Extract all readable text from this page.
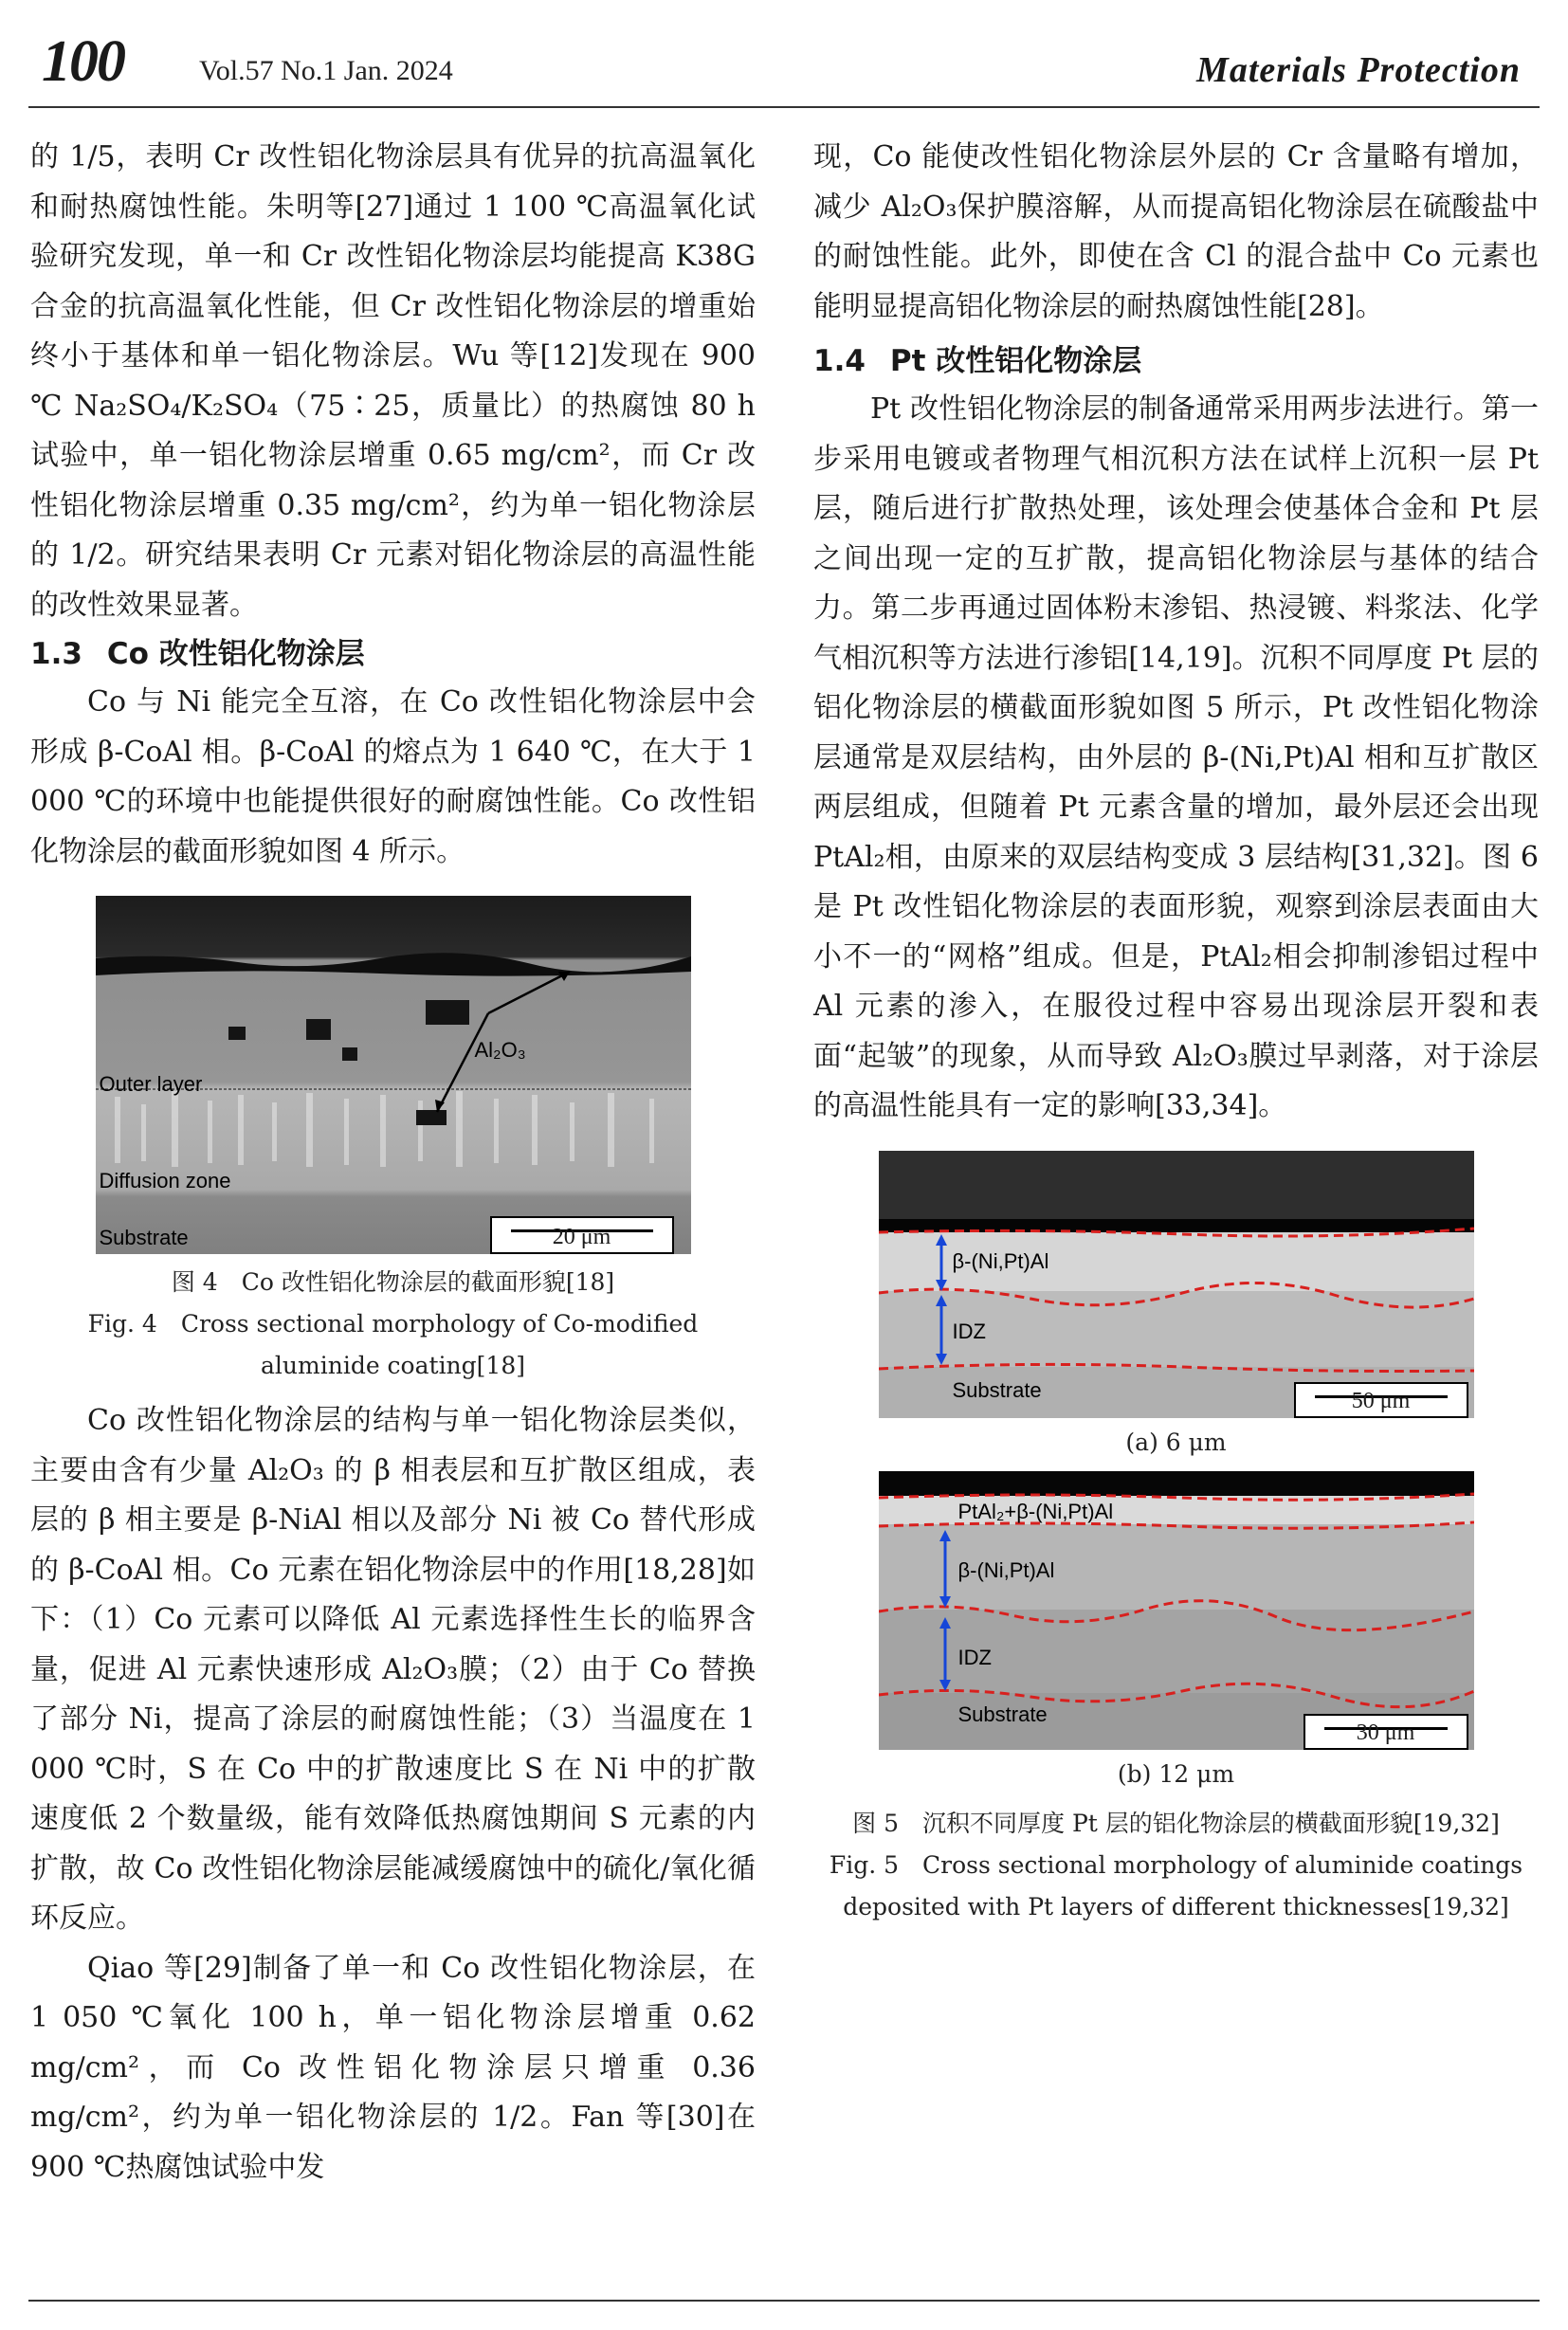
100	Vol.57 No.1 Jan. 2024	Materials Protection

的 1/5，表明 Cr 改性铝化物涂层具有优异的抗高温氧化和耐热腐蚀性能。朱明等[27]通过 1 100 ℃高温氧化试验研究发现，单一和 Cr 改性铝化物涂层均能提高 K38G 合金的抗高温氧化性能，但 Cr 改性铝化物涂层的增重始终小于基体和单一铝化物涂层。Wu 等[12]发现在 900 ℃ Na₂SO₄/K₂SO₄（75∶25，质量比）的热腐蚀 80 h 试验中，单一铝化物涂层增重 0.65 mg/cm²，而 Cr 改性铝化物涂层增重 0.35 mg/cm²，约为单一铝化物涂层的 1/2。研究结果表明 Cr 元素对铝化物涂层的高温性能的改性效果显著。

1.3 Co 改性铝化物涂层

Co 与 Ni 能完全互溶，在 Co 改性铝化物涂层中会形成 β-CoAl 相。β-CoAl 的熔点为 1 640 ℃，在大于 1 000 ℃的环境中也能提供很好的耐腐蚀性能。Co 改性铝化物涂层的截面形貌如图 4 所示。

Al₂O₃
Outer layer
Diffusion zone
Substrate	20 μm

图 4　Co 改性铝化物涂层的截面形貌[18]

Fig. 4　Cross sectional morphology of Co-modified

aluminide coating[18]

Co 改性铝化物涂层的结构与单一铝化物涂层类似，主要由含有少量 Al₂O₃ 的 β 相表层和互扩散区组成，表层的 β 相主要是 β-NiAl 相以及部分 Ni 被 Co 替代形成的 β-CoAl 相。Co 元素在铝化物涂层中的作用[18,28]如下：（1）Co 元素可以降低 Al 元素选择性生长的临界含量，促进 Al 元素快速形成 Al₂O₃膜；（2）由于 Co 替换了部分 Ni，提高了涂层的耐腐蚀性能；（3）当温度在 1 000 ℃时，S 在 Co 中的扩散速度比 S 在 Ni 中的扩散速度低 2 个数量级，能有效降低热腐蚀期间 S 元素的内扩散，故 Co 改性铝化物涂层能减缓腐蚀中的硫化/氧化循环反应。

Qiao 等[29]制备了单一和 Co 改性铝化物涂层，在 1 050 ℃氧化 100 h，单一铝化物涂层增重 0.62 mg/cm²，而 Co 改性铝化物涂层只增重 0.36 mg/cm²，约为单一铝化物涂层的 1/2。Fan 等[30]在 900 ℃热腐蚀试验中发

现，Co 能使改性铝化物涂层外层的 Cr 含量略有增加，减少 Al₂O₃保护膜溶解，从而提高铝化物涂层在硫酸盐中的耐蚀性能。此外，即使在含 Cl 的混合盐中 Co 元素也能明显提高铝化物涂层的耐热腐蚀性能[28]。

1.4 Pt 改性铝化物涂层

Pt 改性铝化物涂层的制备通常采用两步法进行。第一步采用电镀或者物理气相沉积方法在试样上沉积一层 Pt 层，随后进行扩散热处理，该处理会使基体合金和 Pt 层之间出现一定的互扩散，提高铝化物涂层与基体的结合力。第二步再通过固体粉末渗铝、热浸镀、料浆法、化学气相沉积等方法进行渗铝[14,19]。沉积不同厚度 Pt 层的铝化物涂层的横截面形貌如图 5 所示，Pt 改性铝化物涂层通常是双层结构，由外层的 β-(Ni,Pt)Al 相和互扩散区两层组成，但随着 Pt 元素含量的增加，最外层还会出现 PtAl₂相，由原来的双层结构变成 3 层结构[31,32]。图 6 是 Pt 改性铝化物涂层的表面形貌，观察到涂层表面由大小不一的“网格”组成。但是，PtAl₂相会抑制渗铝过程中 Al 元素的渗入，在服役过程中容易出现涂层开裂和表面“起皱”的现象，从而导致 Al₂O₃膜过早剥落，对于涂层的高温性能具有一定的影响[33,34]。

β-(Ni,Pt)Al
IDZ
Substrate	50 μm
(a) 6 μm
PtAl₂+β-(Ni,Pt)Al
β-(Ni,Pt)Al
IDZ
Substrate
30 μm
(b) 12 μm

图 5　沉积不同厚度 Pt 层的铝化物涂层的横截面形貌[19,32]

Fig. 5　Cross sectional morphology of aluminide coatings

deposited with Pt layers of different thicknesses[19,32]
